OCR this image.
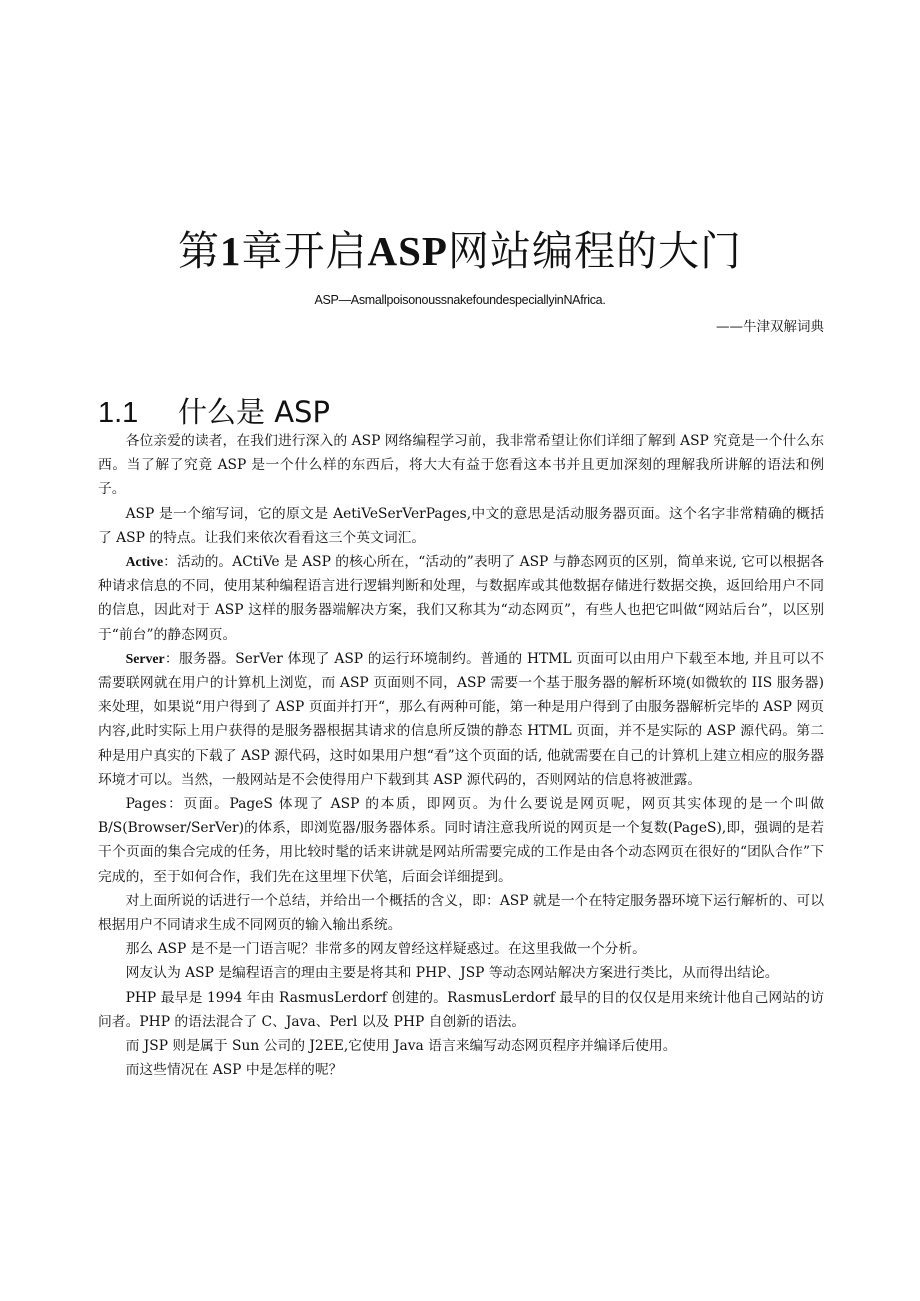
第1章开启ASP网站编程的大门
ASP—AsmallpoisonoussnakefoundespeciallyinNAfrica.
——牛津双解词典
1.1 什么是 ASP

各位亲爱的读者，在我们进行深入的 ASP 网络编程学习前，我非常希望让你们详细了解到 ASP 究竟是一个什么东西。当了解了究竟 ASP 是一个什么样的东西后，将大大有益于您看这本书并且更加深刻的理解我所讲解的语法和例子。

ASP 是一个缩写词，它的原文是 AetiVeSerVerPages,中文的意思是活动服务器页面。这个名字非常精确的概括了 ASP 的特点。让我们来依次看看这三个英文词汇。

Active：活动的。ACtiVe 是 ASP 的核心所在，“活动的”表明了 ASP 与静态网页的区别，简单来说, 它可以根据各种请求信息的不同，使用某种编程语言进行逻辑判断和处理，与数据库或其他数据存储进行数据交换，返回给用户不同的信息，因此对于 ASP 这样的服务器端解决方案，我们又称其为“动态网页”，有些人也把它叫做“网站后台”，以区别于“前台”的静态网页。

Server：服务器。SerVer 体现了 ASP 的运行环境制约。普通的 HTML 页面可以由用户下载至本地, 并且可以不需要联网就在用户的计算机上浏览，而 ASP 页面则不同，ASP 需要一个基于服务器的解析环境(如微软的 IIS 服务器)来处理，如果说“用户得到了 ASP 页面并打开“，那么有两种可能，第一种是用户得到了由服务器解析完毕的 ASP 网页内容,此时实际上用户获得的是服务器根据其请求的信息所反馈的静态 HTML 页面，并不是实际的 ASP 源代码。第二种是用户真实的下载了 ASP 源代码，这时如果用户想“看”这个页面的话, 他就需要在自己的计算机上建立相应的服务器环境才可以。当然，一般网站是不会使得用户下载到其 ASP 源代码的，否则网站的信息将被泄露。

Pages：页面。PageS 体现了 ASP 的本质，即网页。为什么要说是网页呢，网页其实体现的是一个叫做 B/S(Browser/SerVer)的体系，即浏览器/服务器体系。同时请注意我所说的网页是一个复数(PageS),即，强调的是若干个页面的集合完成的任务，用比较时髦的话来讲就是网站所需要完成的工作是由各个动态网页在很好的“团队合作”下完成的，至于如何合作，我们先在这里埋下伏笔，后面会详细提到。

对上面所说的话进行一个总结，并给出一个概括的含义，即：ASP 就是一个在特定服务器环境下运行解析的、可以根据用户不同请求生成不同网页的输入输出系统。

那么 ASP 是不是一门语言呢？非常多的网友曾经这样疑惑过。在这里我做一个分析。

网友认为 ASP 是编程语言的理由主要是将其和 PHP、JSP 等动态网站解决方案进行类比，从而得出结论。

PHP 最早是 1994 年由 RasmusLerdorf 创建的。RasmusLerdorf 最早的目的仅仅是用来统计他自己网站的访问者。PHP 的语法混合了 C、Java、Perl 以及 PHP 自创新的语法。

而 JSP 则是属于 Sun 公司的 J2EE,它使用 Java 语言来编写动态网页程序并编译后使用。

而这些情况在 ASP 中是怎样的呢？
